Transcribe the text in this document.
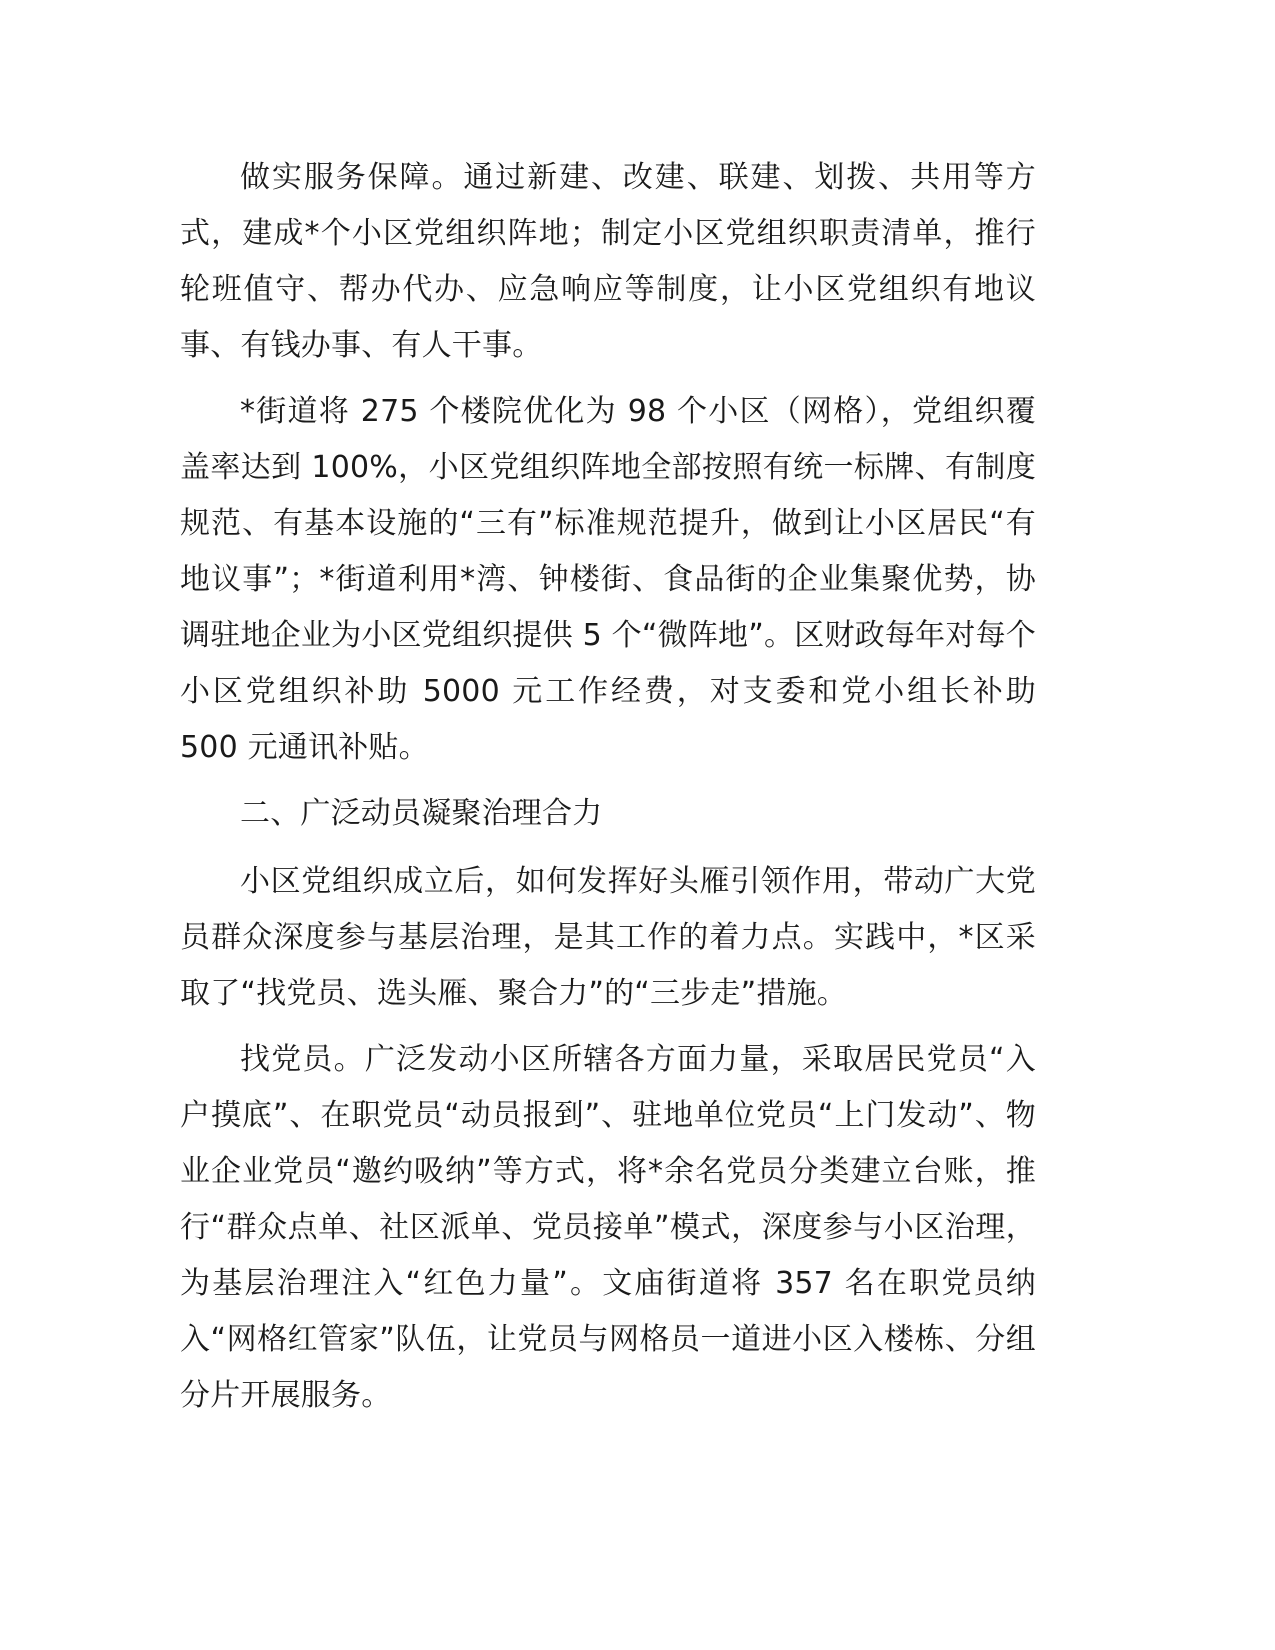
做实服务保障。通过新建、改建、联建、划拨、共用等方式，建成*个小区党组织阵地；制定小区党组织职责清单，推行轮班值守、帮办代办、应急响应等制度，让小区党组织有地议事、有钱办事、有人干事。

*街道将 275 个楼院优化为 98 个小区（网格），党组织覆盖率达到 100%，小区党组织阵地全部按照有统一标牌、有制度规范、有基本设施的“三有”标准规范提升，做到让小区居民“有地议事”；*街道利用*湾、钟楼街、食品街的企业集聚优势，协调驻地企业为小区党组织提供 5 个“微阵地”。区财政每年对每个小区党组织补助 5000 元工作经费，对支委和党小组长补助 500 元通讯补贴。

二、广泛动员凝聚治理合力

小区党组织成立后，如何发挥好头雁引领作用，带动广大党员群众深度参与基层治理，是其工作的着力点。实践中，*区采取了“找党员、选头雁、聚合力”的“三步走”措施。

找党员。广泛发动小区所辖各方面力量，采取居民党员“入户摸底”、在职党员“动员报到”、驻地单位党员“上门发动”、物业企业党员“邀约吸纳”等方式，将*余名党员分类建立台账，推行“群众点单、社区派单、党员接单”模式，深度参与小区治理，为基层治理注入“红色力量”。文庙街道将 357 名在职党员纳入“网格红管家”队伍，让党员与网格员一道进小区入楼栋、分组分片开展服务。
